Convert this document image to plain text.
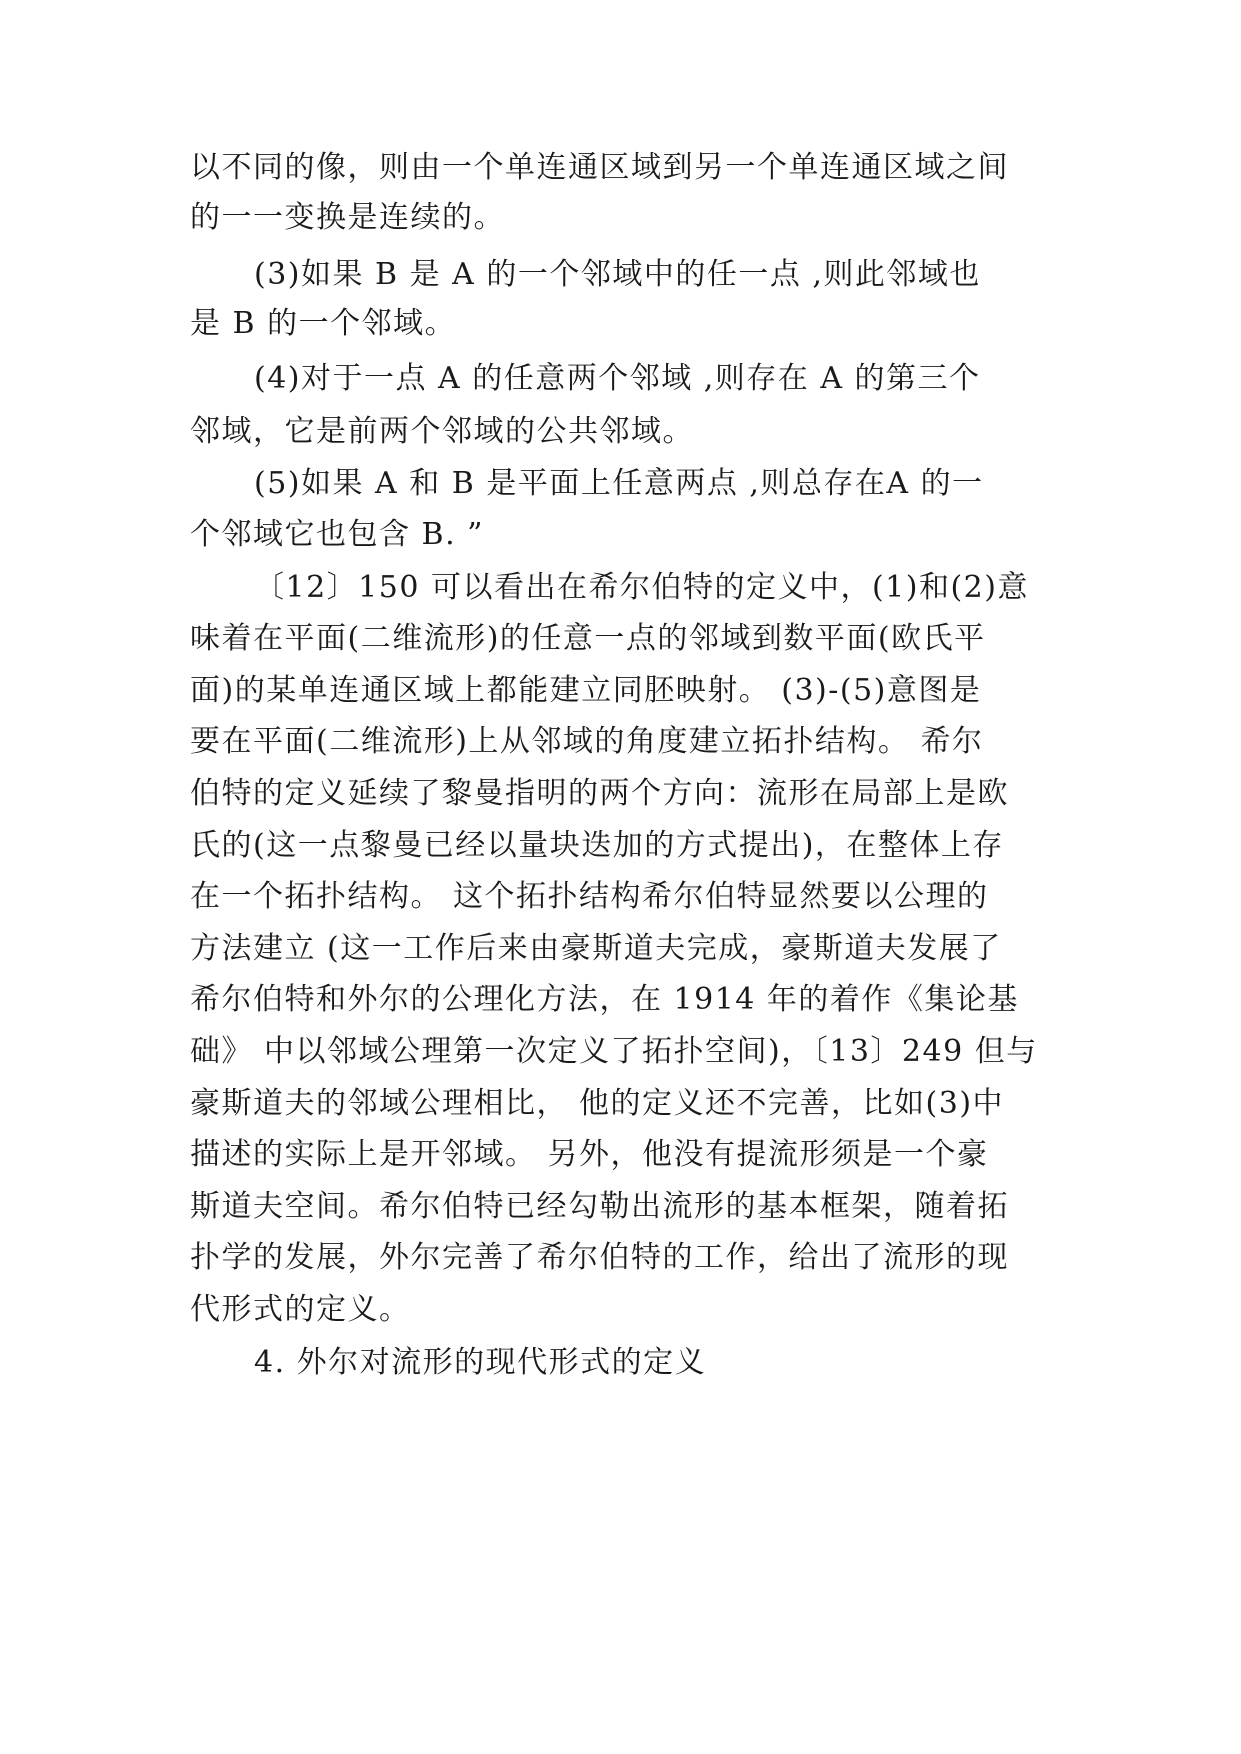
以不同的像，则由一个单连通区域到另一个单连通区域之间
的一一变换是连续的。
(3)如果 B 是 A 的一个邻域中的任一点 ,则此邻域也
是 B 的一个邻域。
(4)对于一点 A 的任意两个邻域 ,则存在 A 的第三个
邻域，它是前两个邻域的公共邻域。
(5)如果 A 和 B 是平面上任意两点 ,则总存在A 的一
个邻域它也包含 B. ”
〔12〕150 可以看出在希尔伯特的定义中，(1)和(2)意
味着在平面(二维流形)的任意一点的邻域到数平面(欧氏平
面)的某单连通区域上都能建立同胚映射。 (3)-(5)意图是
要在平面(二维流形)上从邻域的角度建立拓扑结构。 希尔
伯特的定义延续了黎曼指明的两个方向：流形在局部上是欧
氏的(这一点黎曼已经以量块迭加的方式提出)，在整体上存
在一个拓扑结构。 这个拓扑结构希尔伯特显然要以公理的
方法建立 (这一工作后来由豪斯道夫完成，豪斯道夫发展了
希尔伯特和外尔的公理化方法，在 1914 年的着作《集论基
础》 中以邻域公理第一次定义了拓扑空间)，〔13〕249 但与
豪斯道夫的邻域公理相比， 他的定义还不完善，比如(3)中
描述的实际上是开邻域。 另外，他没有提流形须是一个豪
斯道夫空间。希尔伯特已经勾勒出流形的基本框架，随着拓
扑学的发展，外尔完善了希尔伯特的工作，给出了流形的现
代形式的定义。
4. 外尔对流形的现代形式的定义
